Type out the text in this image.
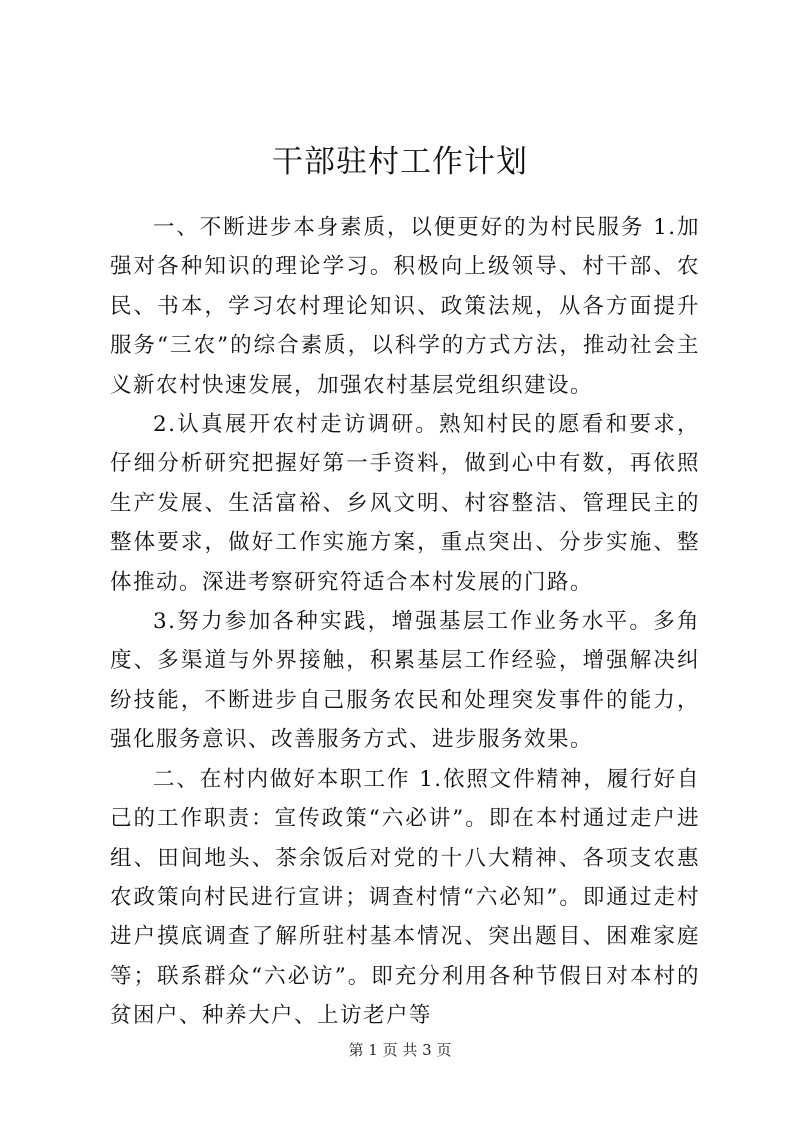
干部驻村工作计划

一、不断进步本身素质，以便更好的为村民服务 1.加强对各种知识的理论学习。积极向上级领导、村干部、农民、书本，学习农村理论知识、政策法规，从各方面提升服务“三农”的综合素质，以科学的方式方法，推动社会主义新农村快速发展，加强农村基层党组织建设。

2.认真展开农村走访调研。熟知村民的愿看和要求，仔细分析研究把握好第一手资料，做到心中有数，再依照生产发展、生活富裕、乡风文明、村容整洁、管理民主的整体要求，做好工作实施方案，重点突出、分步实施、整体推动。深进考察研究符适合本村发展的门路。

3.努力参加各种实践，增强基层工作业务水平。多角度、多渠道与外界接触，积累基层工作经验，增强解决纠纷技能，不断进步自己服务农民和处理突发事件的能力，强化服务意识、改善服务方式、进步服务效果。

二、在村内做好本职工作 1.依照文件精神，履行好自己的工作职责：宣传政策“六必讲”。即在本村通过走户进组、田间地头、茶余饭后对党的十八大精神、各项支农惠农政策向村民进行宣讲；调查村情“六必知”。即通过走村进户摸底调查了解所驻村基本情况、突出题目、困难家庭等；联系群众“六必访”。即充分利用各种节假日对本村的贫困户、种养大户、上访老户等

第 1 页 共 3 页
